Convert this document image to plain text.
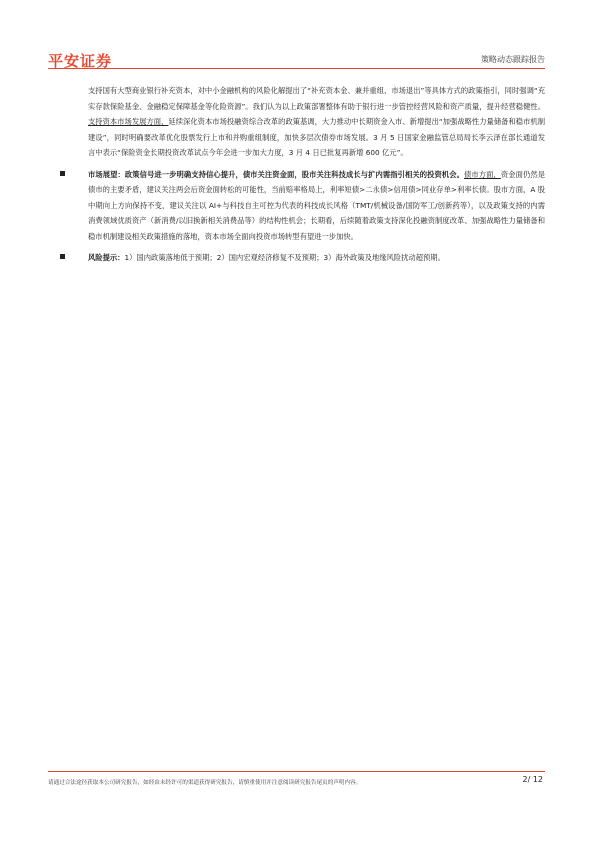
平安证券	策略动态跟踪报告

支持国有大型商业银行补充资本，对中小金融机构的风险化解提出了“补充资本金、兼并重组、市场退出”等具体方式的政策指引，同时强调“充实存款保险基金、金融稳定保障基金等化险资源”。我们认为以上政策部署整体有助于银行进一步管控经营风险和资产质量，提升经营稳健性。支持资本市场发展方面，延续深化资本市场投融资综合改革的政策基调，大力推动中长期资金入市、新增提出“加强战略性力量储备和稳市机制建设”，同时明确要改革优化股票发行上市和并购重组制度，加快多层次债券市场发展。3 月 5 日国家金融监管总局局长李云泽在部长通道发言中表示“保险资金长期投资改革试点今年会进一步加大力度，3 月 4 日已批复再新增 600 亿元”。

市场展望：政策信号进一步明确支持信心提升，债市关注资金面，股市关注科技成长与扩内需指引相关的投资机会。债市方面，资金面仍然是债市的主要矛盾，建议关注两会后资金面转松的可能性，当前赔率格局上，利率短债>二永债>信用债>同业存单>利率长债。股市方面，A 股中期向上方向保持不变，建议关注以 AI+与科技自主可控为代表的科技成长风格（TMT/机械设备/国防军工/创新药等），以及政策支持的内需消费领域优质资产（新消费/以旧换新相关消费品等）的结构性机会；长期看，后续随着政策支持深化投融资制度改革、加强战略性力量储备和稳市机制建设相关政策措施的落地，资本市场全面向投资市场转型有望进一步加快。
风险提示：1）国内政策落地低于预期；2）国内宏观经济修复不及预期；3）海外政策及地缘风险扰动超预期。
请通过合法途径获取本公司研究报告，如经由未经许可的渠道获得研究报告，请慎重使用并注意阅读研究报告尾页的声明内容。	2/ 12
